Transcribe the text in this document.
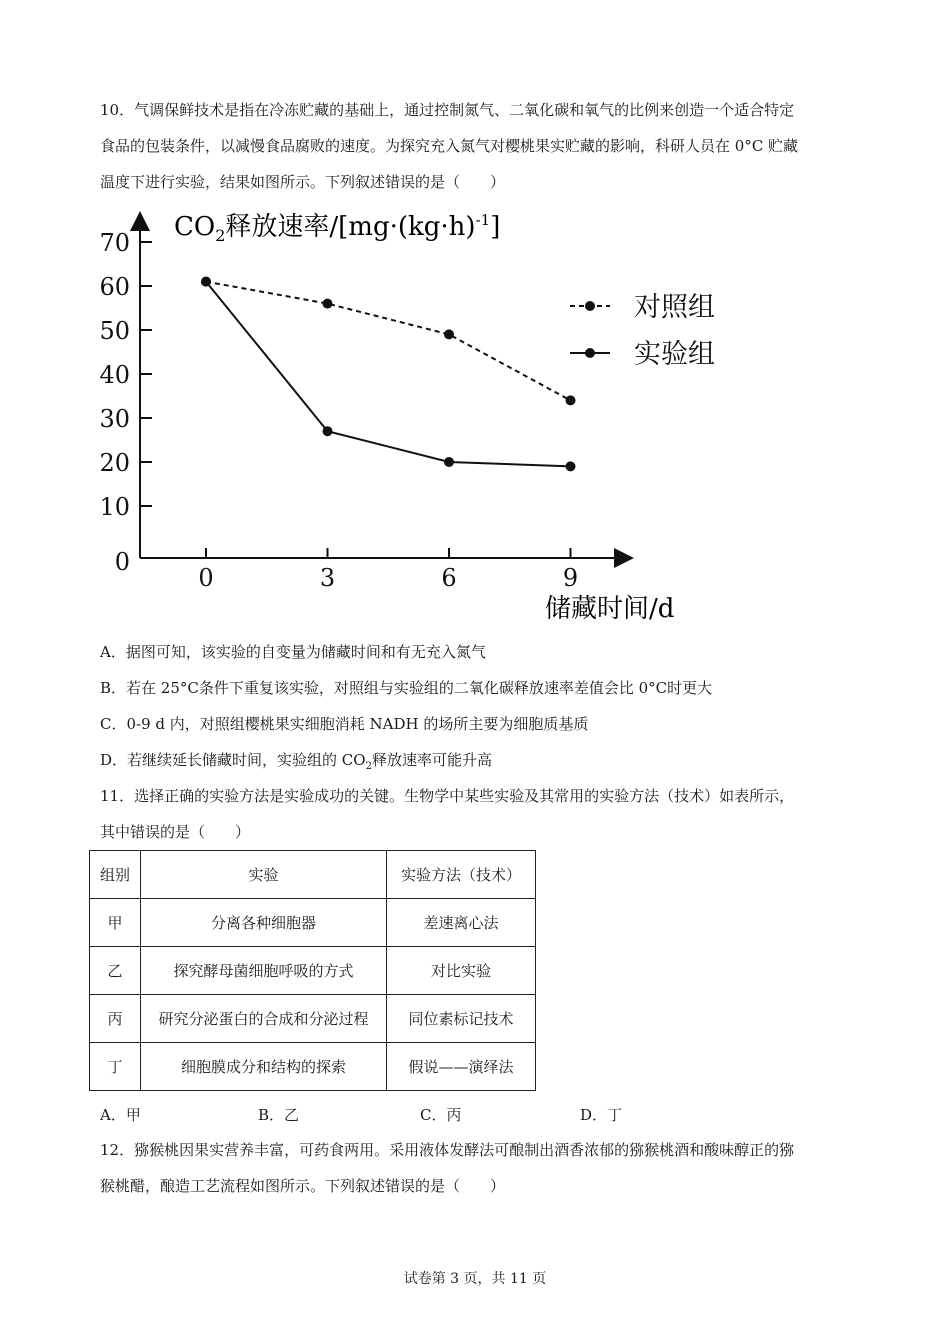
10．气调保鲜技术是指在冷冻贮藏的基础上，通过控制氮气、二氧化碳和氧气的比例来创造一个适合特定

食品的包装条件，以减慢食品腐败的速度。为探究充入氮气对樱桃果实贮藏的影响，科研人员在 0°C 贮藏

温度下进行实验，结果如图所示。下列叙述错误的是（　　）

$CO_2$释放速率$/[mg\cdot(kg\cdot h)^{-1}]$
储藏时间/d
0
10
20
30
40
50
60
70
0	3	6	9
对照组
实验组
A．据图可知，该实验的自变量为储藏时间和有无充入氮气
B．若在 25°C条件下重复该实验，对照组与实验组的二氧化碳释放速率差值会比 0°C时更大
C．0-9 d 内，对照组樱桃果实细胞消耗 NADH 的场所主要为细胞质基质
D．若继续延长储藏时间，实验组的 $CO_2$释放速率可能升高

11．选择正确的实验方法是实验成功的关键。生物学中某些实验及其常用的实验方法（技术）如表所示，

其中错误的是（　　）

组别	实验	实验方法（技术）
甲	分离各种细胞器	差速离心法
乙	探究酵母菌细胞呼吸的方式	对比实验
丙	研究分泌蛋白的合成和分泌过程	同位素标记技术
丁	细胞膜成分和结构的探索	假说——演绎法
A．甲	B．乙	C．丙	D．丁

12．猕猴桃因果实营养丰富，可药食两用。采用液体发酵法可酿制出酒香浓郁的猕猴桃酒和酸味醇正的猕

猴桃醋，酿造工艺流程如图所示。下列叙述错误的是（　　）

试卷第 3 页，共 11 页
